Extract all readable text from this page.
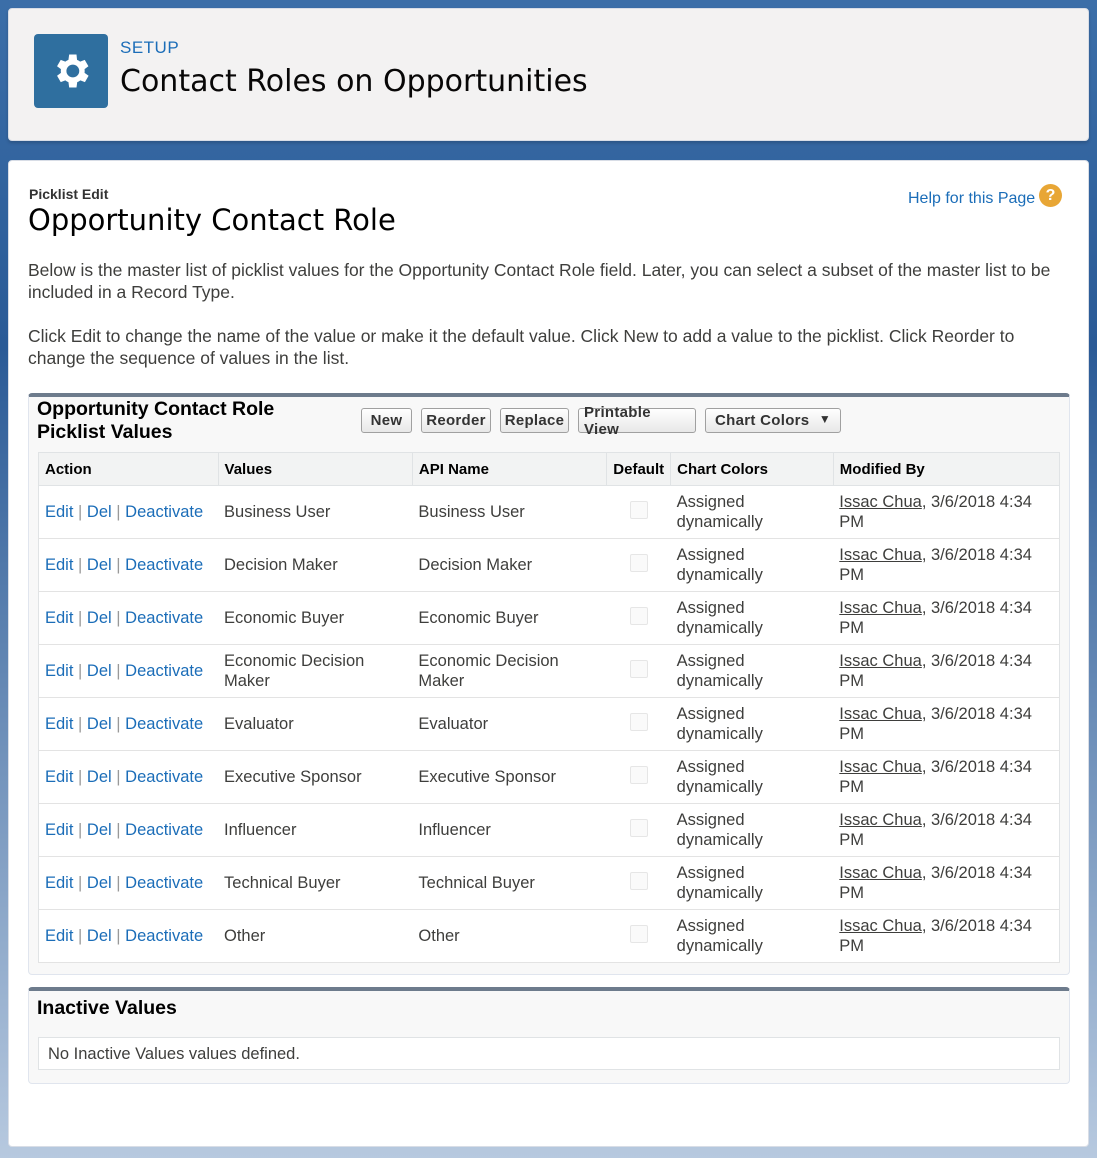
SETUP
Contact Roles on Opportunities
Picklist Edit
Opportunity Contact Role
Help for this Page ?
Below is the master list of picklist values for the Opportunity Contact Role field. Later, you can select a subset of the master list to be included in a Record Type.
Click Edit to change the name of the value or make it the default value. Click New to add a value to the picklist. Click Reorder to change the sequence of values in the list.
Opportunity Contact Role
Picklist Values
New	Reorder	Replace	Printable View	Chart Colors ▼
Action	Values	API Name	Default	Chart Colors	Modified By
Edit | Del | Deactivate	Business User	Business User		Assigned dynamically	Issac Chua, 3/6/2018 4:34 PM
Edit | Del | Deactivate	Decision Maker	Decision Maker		Assigned dynamically	Issac Chua, 3/6/2018 4:34 PM
Edit | Del | Deactivate	Economic Buyer	Economic Buyer		Assigned dynamically	Issac Chua, 3/6/2018 4:34 PM
Edit | Del | Deactivate	Economic Decision Maker	Economic Decision Maker		Assigned dynamically	Issac Chua, 3/6/2018 4:34 PM
Edit | Del | Deactivate	Evaluator	Evaluator		Assigned dynamically	Issac Chua, 3/6/2018 4:34 PM
Edit | Del | Deactivate	Executive Sponsor	Executive Sponsor		Assigned dynamically	Issac Chua, 3/6/2018 4:34 PM
Edit | Del | Deactivate	Influencer	Influencer		Assigned dynamically	Issac Chua, 3/6/2018 4:34 PM
Edit | Del | Deactivate	Technical Buyer	Technical Buyer		Assigned dynamically	Issac Chua, 3/6/2018 4:34 PM
Edit | Del | Deactivate	Other	Other		Assigned dynamically	Issac Chua, 3/6/2018 4:34 PM
Inactive Values
No Inactive Values values defined.
